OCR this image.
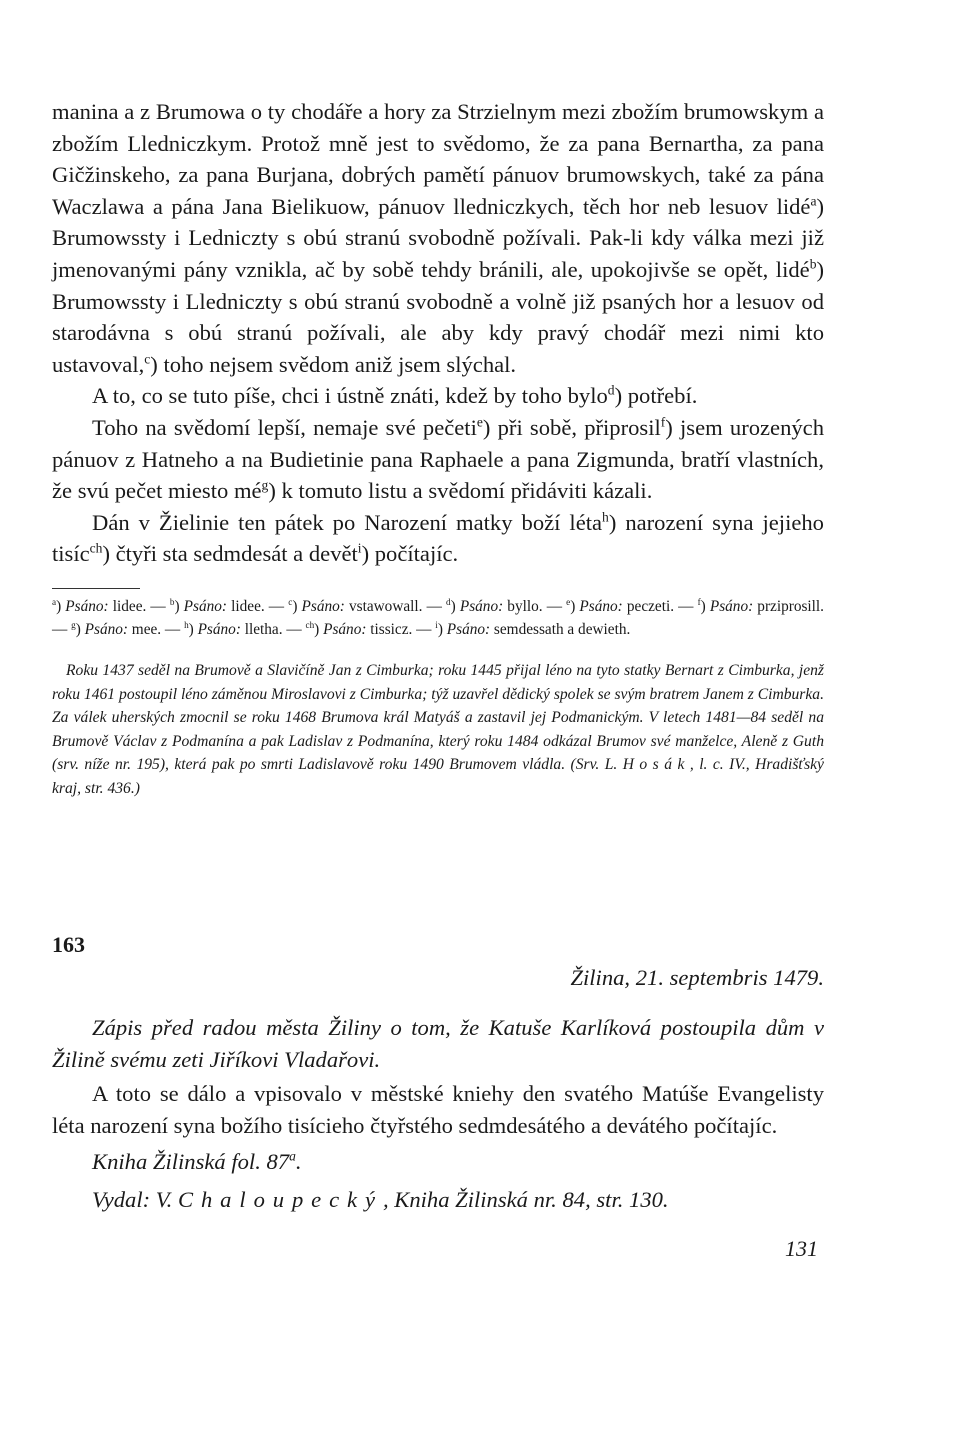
manina a z Brumowa o ty chodáře a hory za Strzielnym mezi zbožím brumowskym a zbožím Lledniczkym. Protož mně jest to svědomo, že za pana Bernartha, za pana Gičžinskeho, za pana Burjana, dobrých pamětí pánuov brumowskych, také za pána Waczlawa a pána Jana Bielikuow, pánuov lledniczkych, těch hor neb lesuov lidé$^a$) Brumowssty i Ledniczty s obú stranú svobodně požívali. Pak-li kdy válka mezi již jmenovanými pány vznikla, ač by sobě tehdy bránili, ale, upokojivše se opět, lidé$^b$) Brumowssty i Lledniczty s obú stranú svobodně a volně již psaných hor a lesuov od starodávna s obú stranú požívali, ale aby kdy pravý chodář mezi nimi kto ustavoval,$^c$) toho nejsem svědom aniž jsem slýchal.

A to, co se tuto píše, chci i ústně znáti, kdež by toho bylo$^d$) potřebí.

Toho na svědomí lepší, nemaje své pečeti$^e$) při sobě, připrosil$^f$) jsem urozených pánuov z Hatneho a na Budietinie pana Raphaele a pana Zigmunda, bratří vlastních, že svú pečet miesto $mé^g$) k tomuto listu a svědomí přidáviti kázali.

Dán v Žielinie ten pátek po Narození matky boží léta$^h$) narození syna jejieho tisíc$^{ch}$) čtyři sta sedmdesát a devět$^i$) počítajíc.

$^a$) Psáno: lidee. — $^b$) Psáno: lidee. — $^c$) Psáno: vstawowall. — $^d$) Psáno: byllo. — $^e$) Psáno: peczeti. — $^f$) Psáno: prziprosill. — $^g$) Psáno: mee. — $^h$) Psáno: lletha. — $^{ch}$) Psáno: tissicz. — $^i$) Psáno: semdessath a dewieth.

Roku 1437 seděl na Brumově a Slavičíně Jan z Cimburka; roku 1445 přijal léno na tyto statky Bernart z Cimburka, jenž roku 1461 postoupil léno záměnou Miroslavovi z Cimburka; týž uzavřel dědický spolek se svým bratrem Janem z Cimburka. Za válek uherských zmocnil se roku 1468 Brumova král Matyáš a zastavil jej Podmanickým. V letech 1481—84 seděl na Brumově Václav z Podmanína a pak Ladislav z Podmanína, který roku 1484 odkázal Brumov své manželce, Aleně z Guth (srv. níže nr. 195), která pak po smrti Ladislavově roku 1490 Brumovem vládla. (Srv. L. Hosák, l. c. IV., Hradišťský kraj, str. 436.)

163
Žilina, 21. septembris 1479.

Zápis před radou města Žiliny o tom, že Katuše Karlíková postoupila dům v Žilině svému zeti Jiříkovi Vladařovi.

A toto se dálo a vpisovalo v městské kniehy den svatého Matúše Evangelisty léta narození syna božího tisícieho čtyřstého sedmdesátého a devátého počítajíc.

Kniha Žilinská fol. 87$^a$.

Vydal: V. Chaloupecký, Kniha Žilinská nr. 84, str. 130.

131
